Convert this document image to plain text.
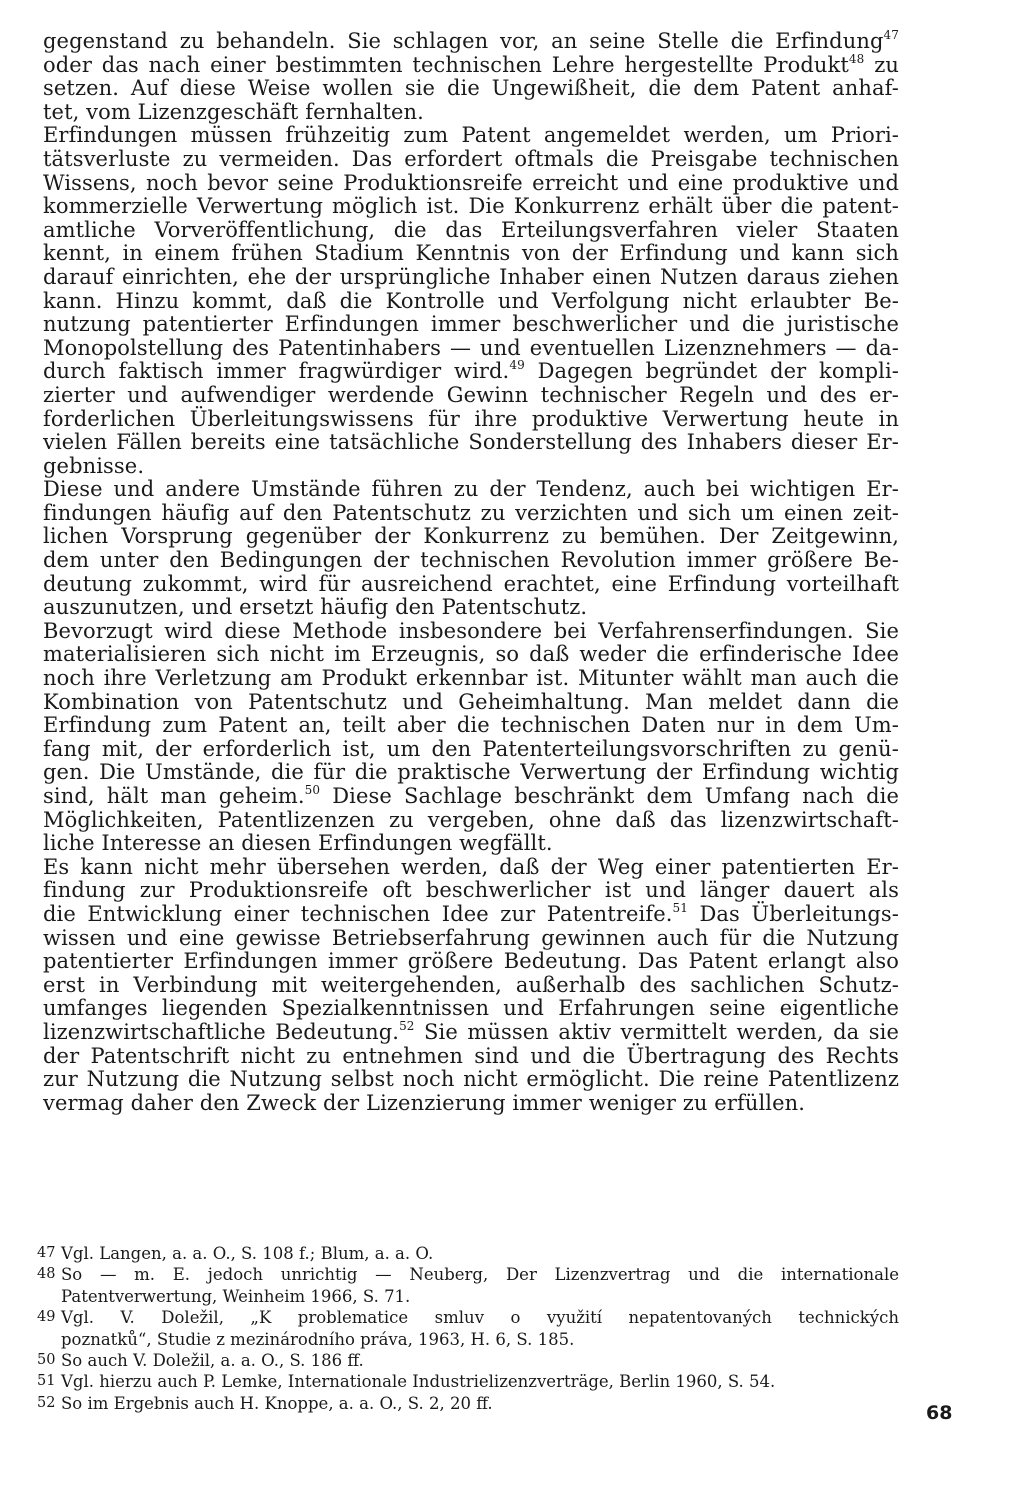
gegenstand zu behandeln. Sie schlagen vor, an seine Stelle die Erfindung$^{47}$
oder das nach einer bestimmten technischen Lehre hergestellte Produkt$^{48}$ zu
setzen. Auf diese Weise wollen sie die Ungewißheit, die dem Patent anhaf-
tet, vom Lizenzgeschäft fernhalten.

Erfindungen müssen frühzeitig zum Patent angemeldet werden, um Priori-
tätsverluste zu vermeiden. Das erfordert oftmals die Preisgabe technischen
Wissens, noch bevor seine Produktionsreife erreicht und eine produktive und
kommerzielle Verwertung möglich ist. Die Konkurrenz erhält über die patent-
amtliche Vorveröffentlichung, die das Erteilungsverfahren vieler Staaten
kennt, in einem frühen Stadium Kenntnis von der Erfindung und kann sich
darauf einrichten, ehe der ursprüngliche Inhaber einen Nutzen daraus ziehen
kann. Hinzu kommt, daß die Kontrolle und Verfolgung nicht erlaubter Be-
nutzung patentierter Erfindungen immer beschwerlicher und die juristische
Monopolstellung des Patentinhabers — und eventuellen Lizenznehmers — da-
durch faktisch immer fragwürdiger wird.$^{49}$ Dagegen begründet der kompli-
zierter und aufwendiger werdende Gewinn technischer Regeln und des er-
forderlichen Überleitungswissens für ihre produktive Verwertung heute in
vielen Fällen bereits eine tatsächliche Sonderstellung des Inhabers dieser Er-
gebnisse.

Diese und andere Umstände führen zu der Tendenz, auch bei wichtigen Er-
findungen häufig auf den Patentschutz zu verzichten und sich um einen zeit-
lichen Vorsprung gegenüber der Konkurrenz zu bemühen. Der Zeitgewinn,
dem unter den Bedingungen der technischen Revolution immer größere Be-
deutung zukommt, wird für ausreichend erachtet, eine Erfindung vorteilhaft
auszunutzen, und ersetzt häufig den Patentschutz.

Bevorzugt wird diese Methode insbesondere bei Verfahrenserfindungen. Sie
materialisieren sich nicht im Erzeugnis, so daß weder die erfinderische Idee
noch ihre Verletzung am Produkt erkennbar ist. Mitunter wählt man auch die
Kombination von Patentschutz und Geheimhaltung. Man meldet dann die
Erfindung zum Patent an, teilt aber die technischen Daten nur in dem Um-
fang mit, der erforderlich ist, um den Patenterteilungsvorschriften zu genü-
gen. Die Umstände, die für die praktische Verwertung der Erfindung wichtig
sind, hält man geheim.$^{50}$ Diese Sachlage beschränkt dem Umfang nach die
Möglichkeiten, Patentlizenzen zu vergeben, ohne daß das lizenzwirtschaft-
liche Interesse an diesen Erfindungen wegfällt.

Es kann nicht mehr übersehen werden, daß der Weg einer patentierten Er-
findung zur Produktionsreife oft beschwerlicher ist und länger dauert als
die Entwicklung einer technischen Idee zur Patentreife.$^{51}$ Das Überleitungs-
wissen und eine gewisse Betriebserfahrung gewinnen auch für die Nutzung
patentierter Erfindungen immer größere Bedeutung. Das Patent erlangt also
erst in Verbindung mit weitergehenden, außerhalb des sachlichen Schutz-
umfanges liegenden Spezialkenntnissen und Erfahrungen seine eigentliche
lizenzwirtschaftliche Bedeutung.$^{52}$ Sie müssen aktiv vermittelt werden, da sie
der Patentschrift nicht zu entnehmen sind und die Übertragung des Rechts
zur Nutzung die Nutzung selbst noch nicht ermöglicht. Die reine Patentlizenz
vermag daher den Zweck der Lizenzierung immer weniger zu erfüllen.

47 Vgl. Langen, a. a. O., S. 108 f.; Blum, a. a. O.
48 So — m. E. jedoch unrichtig — Neuberg, Der Lizenzvertrag und die internationale
Patentverwertung, Weinheim 1966, S. 71.
49 Vgl. V. Doležil, „K problematice smluv o využití nepatentovaných technických
poznatků“, Studie z mezinárodního práva, 1963, H. 6, S. 185.
50 So auch V. Doležil, a. a. O., S. 186 ff.
51 Vgl. hierzu auch P. Lemke, Internationale Industrielizenzverträge, Berlin 1960, S. 54.
52 So im Ergebnis auch H. Knoppe, a. a. O., S. 2, 20 ff.	68
